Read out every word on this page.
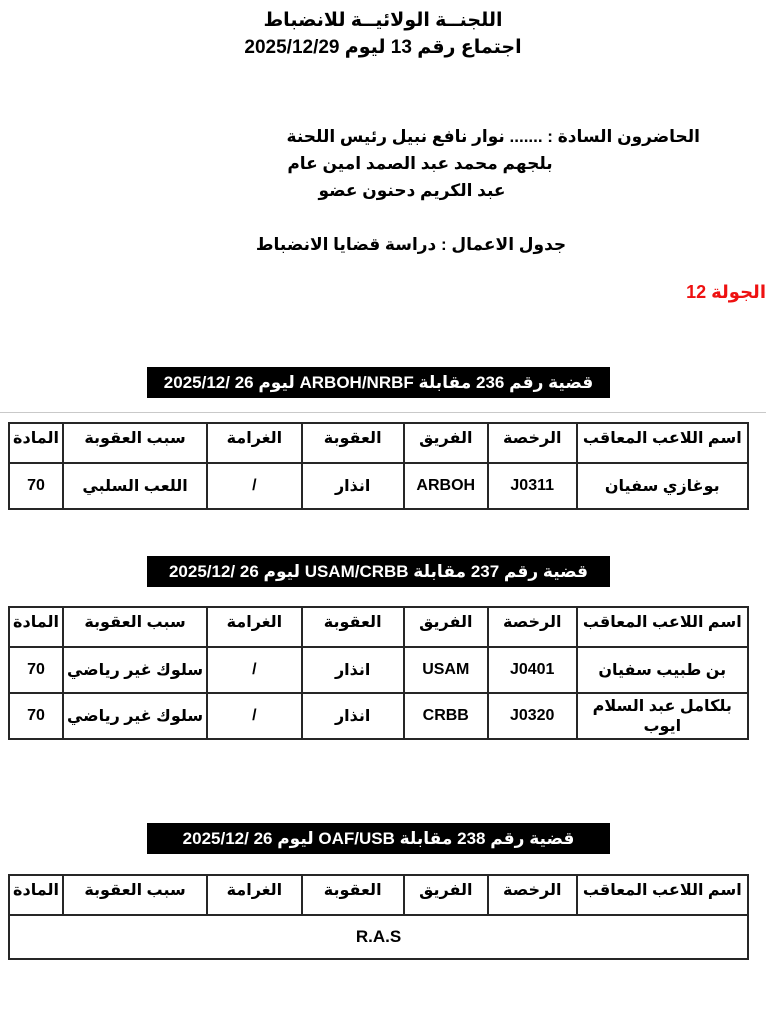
اللجنــة الولائيــة للانضباط
اجتماع رقم 13 ليوم 2025/12/29
الحاضرون السادة : ....... نوار نافع نبيل رئيس اللحنة
بلجهم محمد عبد الصمد امين عام
عبد الكريم دحنون عضو
جدول الاعمال : دراسة قضايا الانضباط
الجولة 12
قضية رقم 236 مقابلة ARBOH/NRBF ليوم 26 /2025/12
اسم اللاعب المعاقب	الرخصة	الفريق	العقوبة	الغرامة	سبب العقوبة	المادة
بوغازي سفيان	J0311	ARBOH	انذار	/	اللعب السلبي	70
قضية رقم 237 مقابلة USAM/CRBB ليوم 26 /2025/12
اسم اللاعب المعاقب	الرخصة	الفريق	العقوبة	الغرامة	سبب العقوبة	المادة
بن طبيب سفيان	J0401	USAM	انذار	/	سلوك غير رياضي	70
بلكامل عبد السلام ايوب	J0320	CRBB	انذار	/	سلوك غير رياضي	70
قضية رقم 238 مقابلة OAF/USB ليوم 26 /2025/12
اسم اللاعب المعاقب	الرخصة	الفريق	العقوبة	الغرامة	سبب العقوبة	المادة
R.A.S
